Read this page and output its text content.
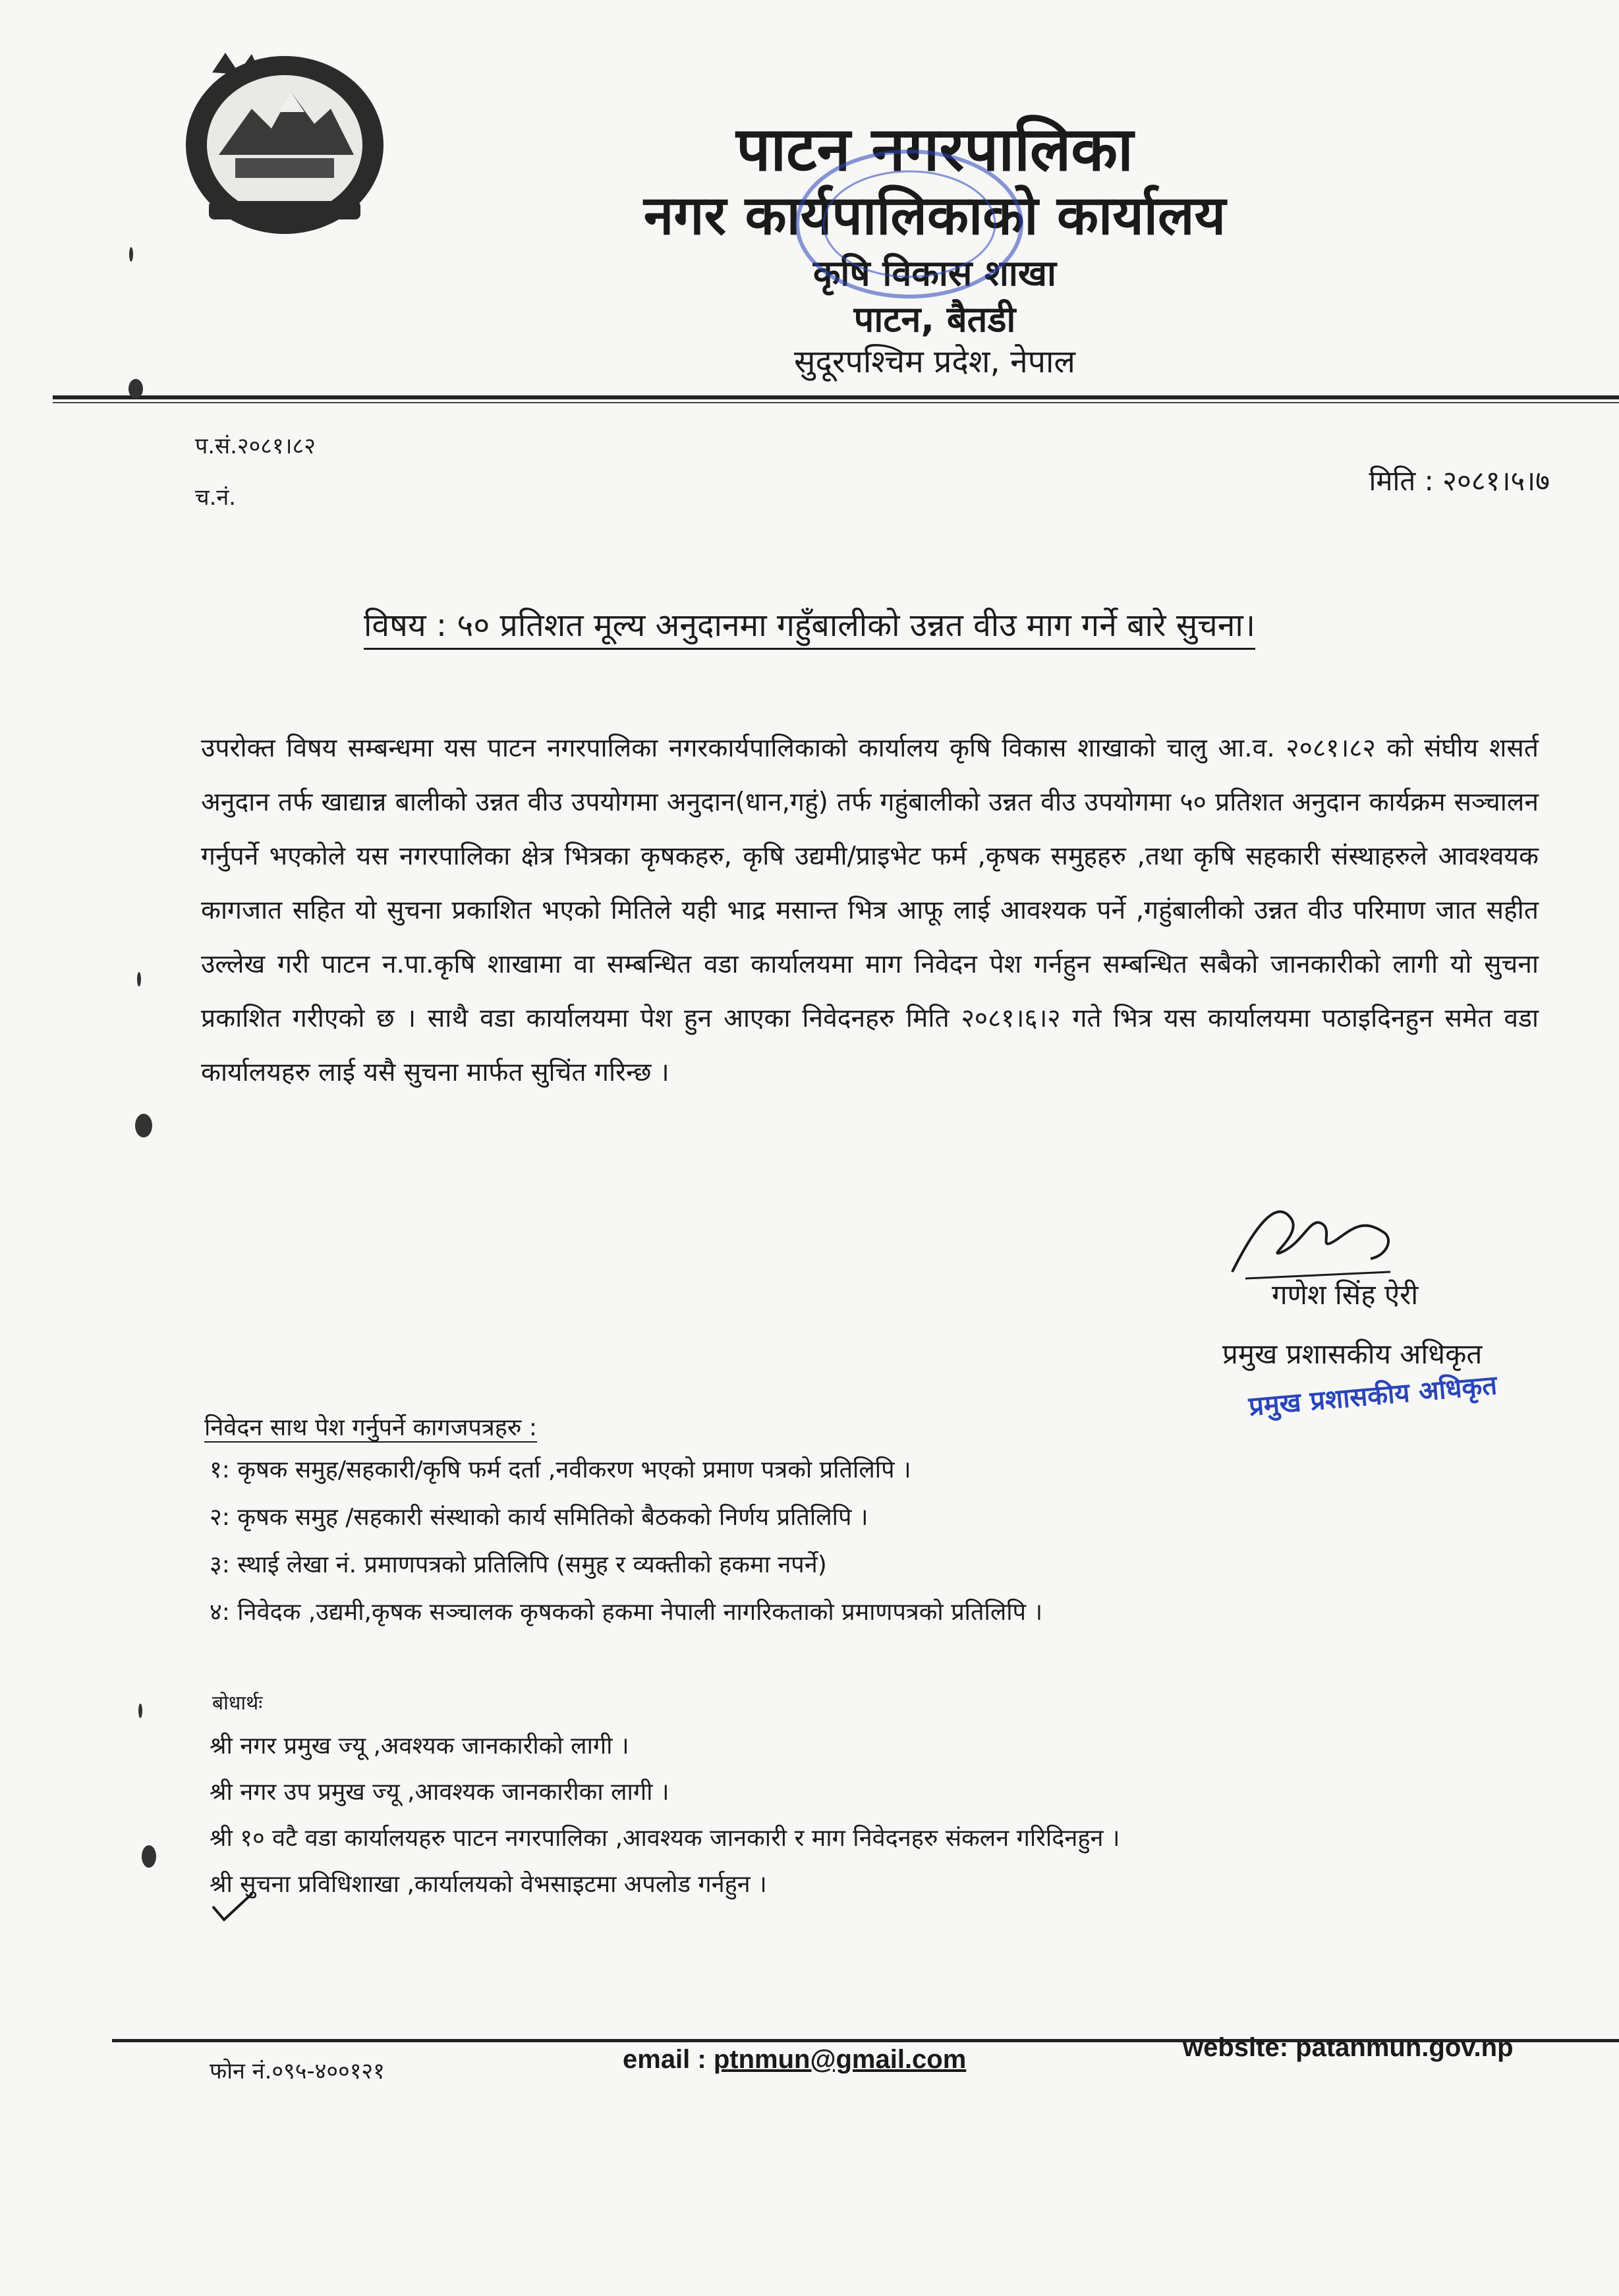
पाटन नगरपालिका
नगर कार्यपालिकाको कार्यालय
कृषि विकास शाखा
पाटन, बैतडी
सुदूरपश्चिम प्रदेश, नेपाल
प.सं.२०८१।८२
च.नं.
मिति : २०८१।५।७
विषय : ५० प्रतिशत मूल्य अनुदानमा गहुँबालीको उन्नत वीउ माग गर्ने बारे सुचना।
उपरोक्त विषय सम्बन्धमा यस पाटन नगरपालिका नगरकार्यपालिकाको कार्यालय कृषि विकास शाखाको चालु आ.व. २०८१।८२ को संघीय शसर्त अनुदान तर्फ खाद्यान्न बालीको उन्नत वीउ उपयोगमा अनुदान(धान,गहुं) तर्फ गहुंबालीको उन्नत वीउ उपयोगमा ५० प्रतिशत अनुदान कार्यक्रम सञ्चालन गर्नुपर्ने भएकोले यस नगरपालिका क्षेत्र भित्रका कृषकहरु, कृषि उद्यमी/प्राइभेट फर्म ,कृषक समुहहरु ,तथा कृषि सहकारी संस्थाहरुले आवश्वयक कागजात सहित यो सुचना प्रकाशित भएको मितिले यही भाद्र मसान्त भित्र आफू लाई आवश्यक पर्ने ,गहुंबालीको उन्नत वीउ परिमाण जात सहीत उल्लेख गरी पाटन न.पा.कृषि शाखामा वा सम्बन्धित वडा कार्यालयमा माग निवेदन पेश गर्नहुन सम्बन्धित सबैको जानकारीको लागी यो सुचना प्रकाशित गरीएको छ । साथै वडा कार्यालयमा पेश हुन आएका निवेदनहरु मिति २०८१।६।२ गते भित्र यस कार्यालयमा पठाइदिनहुन समेत वडा कार्यालयहरु लाई यसै सुचना मार्फत सुचिंत गरिन्छ ।
गणेश सिंह ऐरी
प्रमुख प्रशासकीय अधिकृत
प्रमुख प्रशासकीय अधिकृत
निवेदन साथ पेश गर्नुपर्ने कागजपत्रहरु :
१: कृषक समुह/सहकारी/कृषि फर्म दर्ता ,नवीकरण भएको प्रमाण पत्रको प्रतिलिपि ।
२: कृषक समुह /सहकारी संस्थाको कार्य समितिको बैठकको निर्णय प्रतिलिपि ।
३: स्थाई लेखा नं. प्रमाणपत्रको प्रतिलिपि (समुह र व्यक्तीको हकमा नपर्ने)
४: निवेदक ,उद्यमी,कृषक सञ्चालक कृषकको हकमा नेपाली नागरिकताको प्रमाणपत्रको प्रतिलिपि ।
बोधार्थः
श्री नगर प्रमुख ज्यू ,अवश्यक जानकारीको लागी ।
श्री नगर उप प्रमुख ज्यू ,आवश्यक जानकारीका लागी ।
श्री १० वटै वडा कार्यालयहरु पाटन नगरपालिका ,आवश्यक जानकारी र माग निवेदनहरु संकलन गरिदिनहुन ।
श्री सुचना प्रविधिशाखा ,कार्यालयको वेभसाइटमा अपलोड गर्नहुन ।
फोन नं.०९५-४००१२१	email : ptnmun@gmail.com	website: patanmun.gov.np
